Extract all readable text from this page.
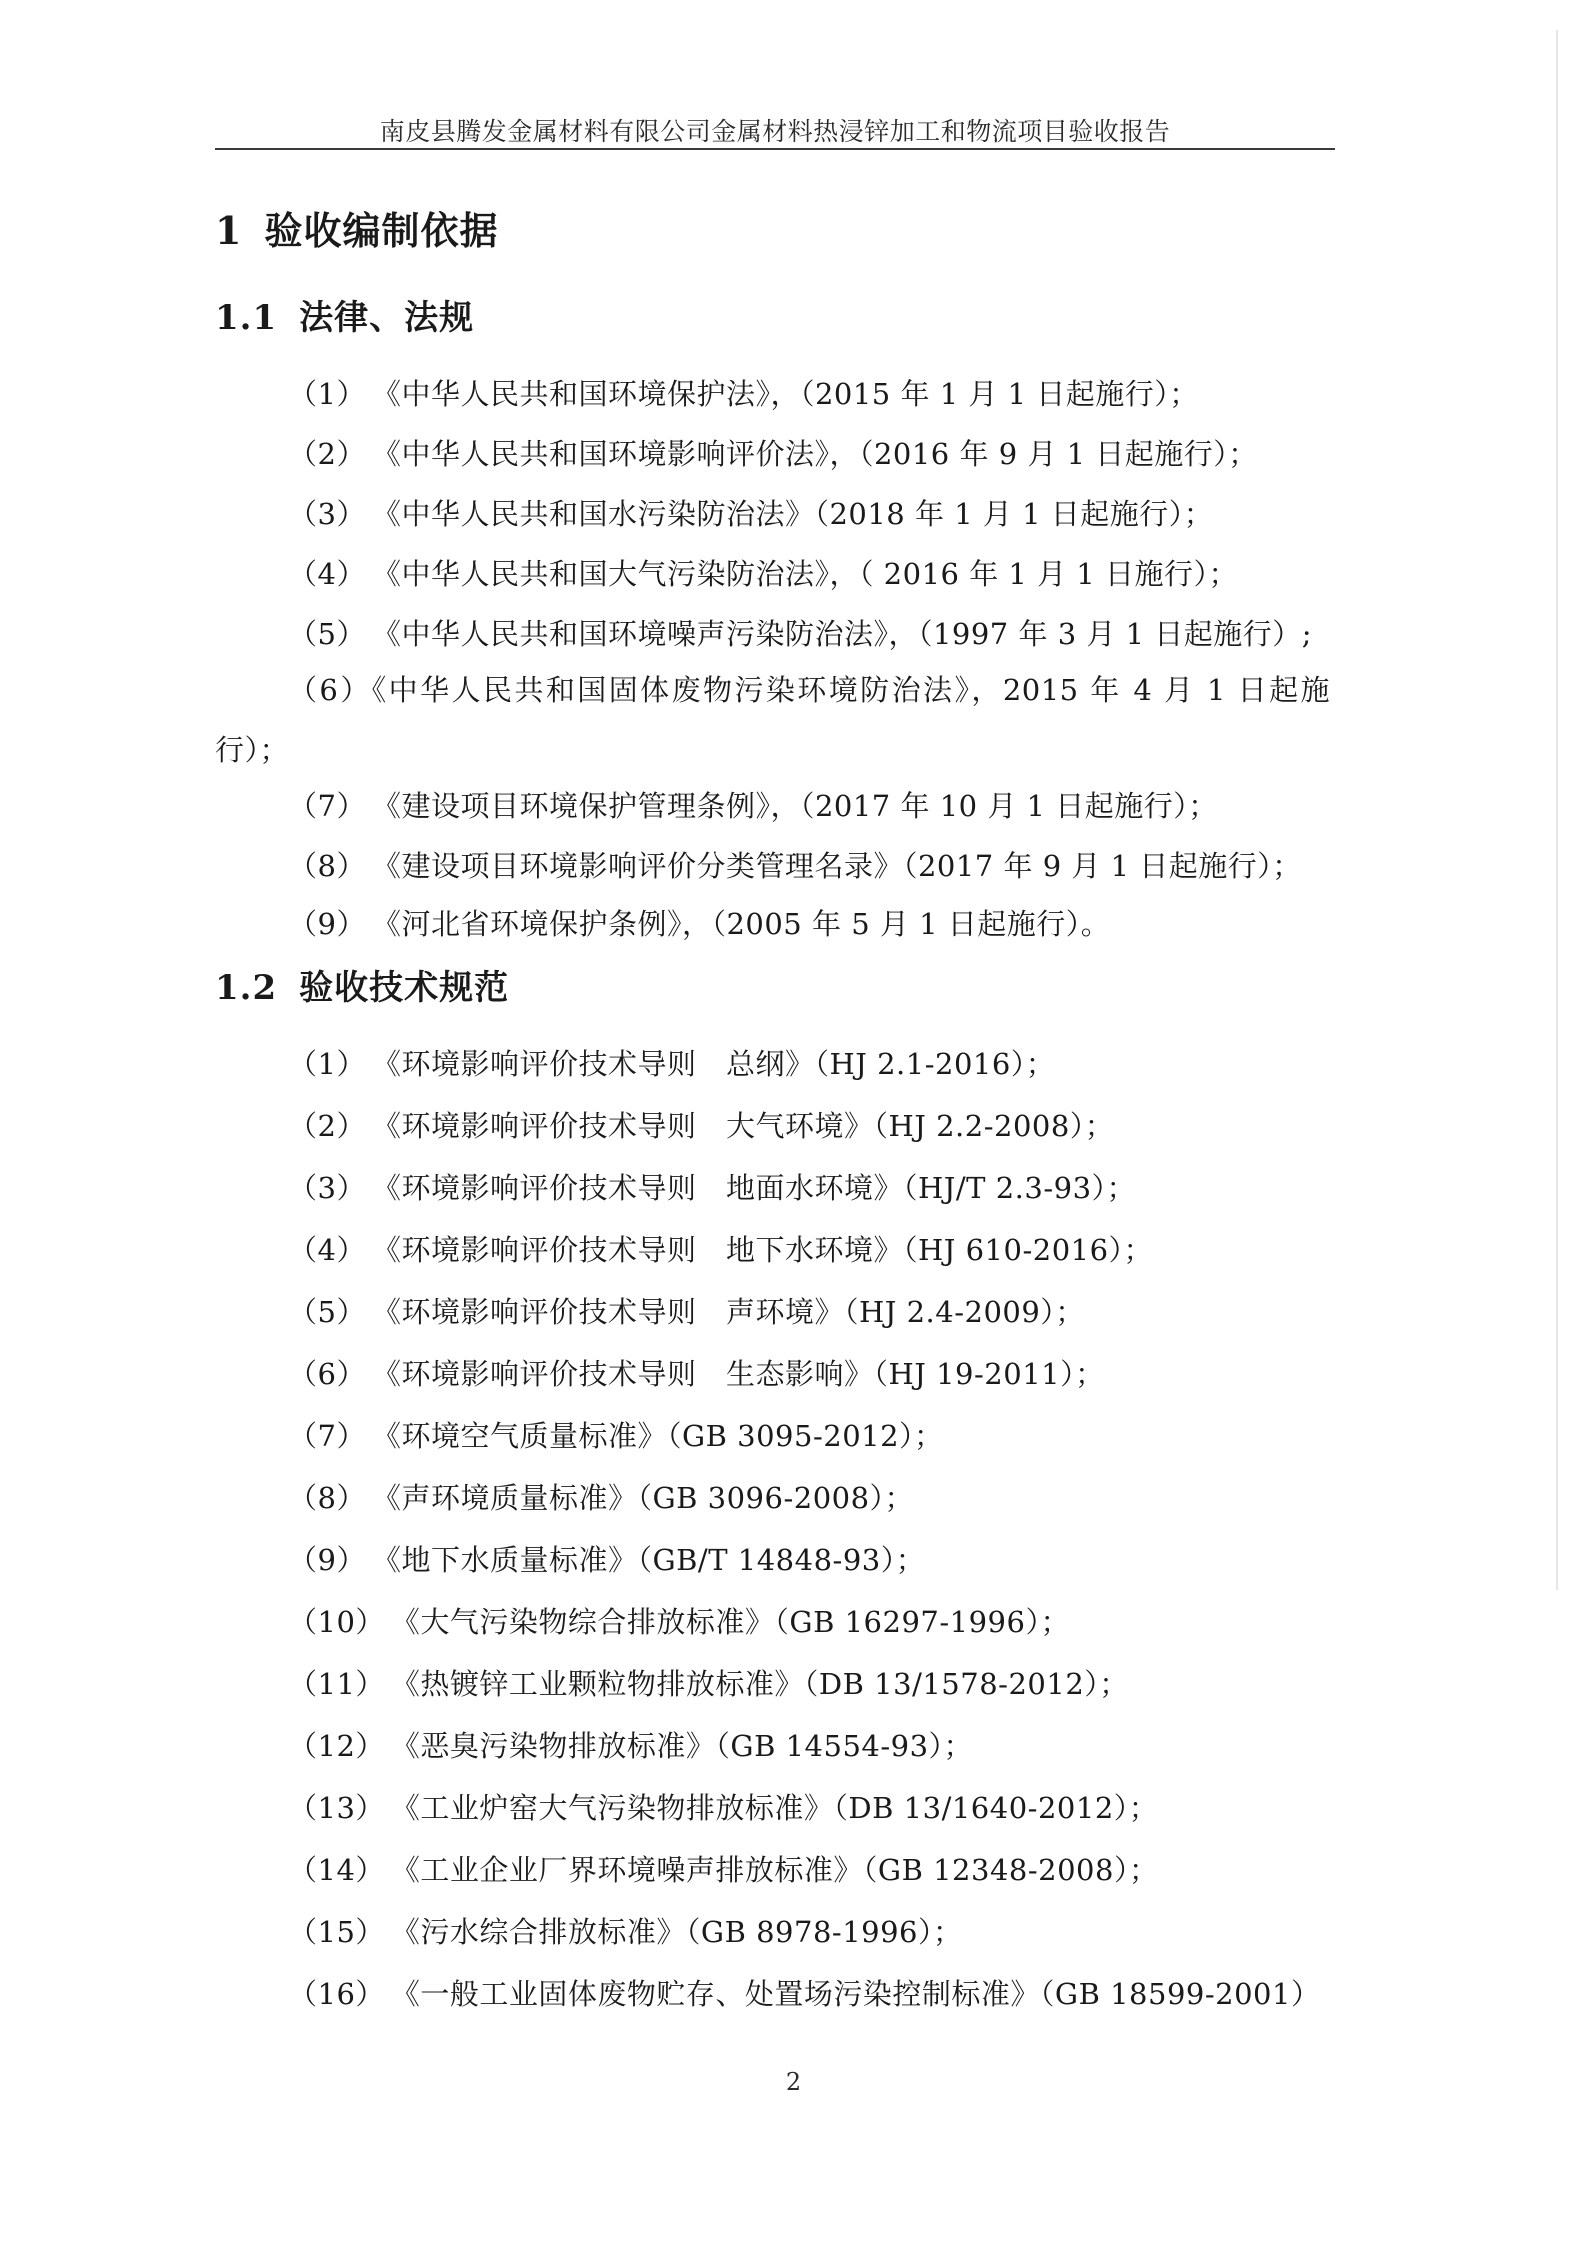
南皮县腾发金属材料有限公司金属材料热浸锌加工和物流项目验收报告
1 验收编制依据
1.1 法律、法规
（1） 《中华人民共和国环境保护法》，（2015 年 1 月 1 日起施行）；
（2） 《中华人民共和国环境影响评价法》，（2016 年 9 月 1 日起施行）；
（3） 《中华人民共和国水污染防治法》（2018 年 1 月 1 日起施行）；
（4） 《中华人民共和国大气污染防治法》，（ 2016 年 1 月 1 日施行）；
（5） 《中华人民共和国环境噪声污染防治法》，（1997 年 3 月 1 日起施行）;
（6）《中华人民共和国固体废物污染环境防治法》，2015 年 4 月 1 日起施行）；
（7） 《建设项目环境保护管理条例》，（2017 年 10 月 1 日起施行）；
（8） 《建设项目环境影响评价分类管理名录》（2017 年 9 月 1 日起施行）；
（9） 《河北省环境保护条例》，（2005 年 5 月 1 日起施行）。
1.2 验收技术规范
（1） 《环境影响评价技术导则　总纲》（HJ 2.1-2016）；
（2） 《环境影响评价技术导则　大气环境》（HJ 2.2-2008）；
（3） 《环境影响评价技术导则　地面水环境》（HJ/T 2.3-93）；
（4） 《环境影响评价技术导则　地下水环境》（HJ 610-2016）；
（5） 《环境影响评价技术导则　声环境》（HJ 2.4-2009）；
（6） 《环境影响评价技术导则　生态影响》（HJ 19-2011）；
（7） 《环境空气质量标准》（GB 3095-2012）；
（8） 《声环境质量标准》（GB 3096-2008）；
（9） 《地下水质量标准》（GB/T 14848-93）；
（10） 《大气污染物综合排放标准》（GB 16297-1996）；
（11） 《热镀锌工业颗粒物排放标准》（DB 13/1578-2012）；
（12） 《恶臭污染物排放标准》（GB 14554-93）；
（13） 《工业炉窑大气污染物排放标准》（DB 13/1640-2012）；
（14） 《工业企业厂界环境噪声排放标准》（GB 12348-2008）；
（15） 《污水综合排放标准》（GB 8978-1996）；
（16） 《一般工业固体废物贮存、处置场污染控制标准》（GB 18599-2001）
2
